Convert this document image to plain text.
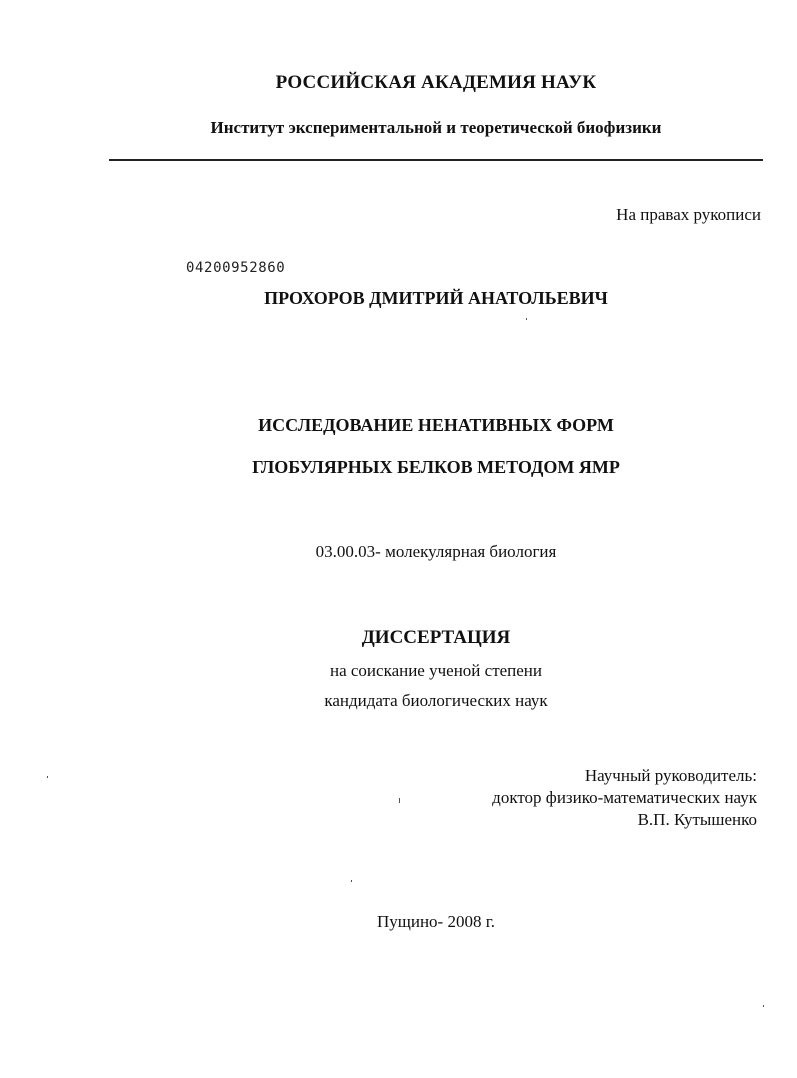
РОССИЙСКАЯ АКАДЕМИЯ НАУК
Институт экспериментальной и теоретической биофизики
На правах рукописи
04200952860
ПРОХОРОВ ДМИТРИЙ АНАТОЛЬЕВИЧ
ИССЛЕДОВАНИЕ НЕНАТИВНЫХ ФОРМ
ГЛОБУЛЯРНЫХ БЕЛКОВ МЕТОДОМ ЯМР
03.00.03- молекулярная биология
ДИССЕРТАЦИЯ
на соискание ученой степени
кандидата биологических наук
Научный руководитель:
доктор физико-математических наук
В.П. Кутышенко
Пущино- 2008 г.
